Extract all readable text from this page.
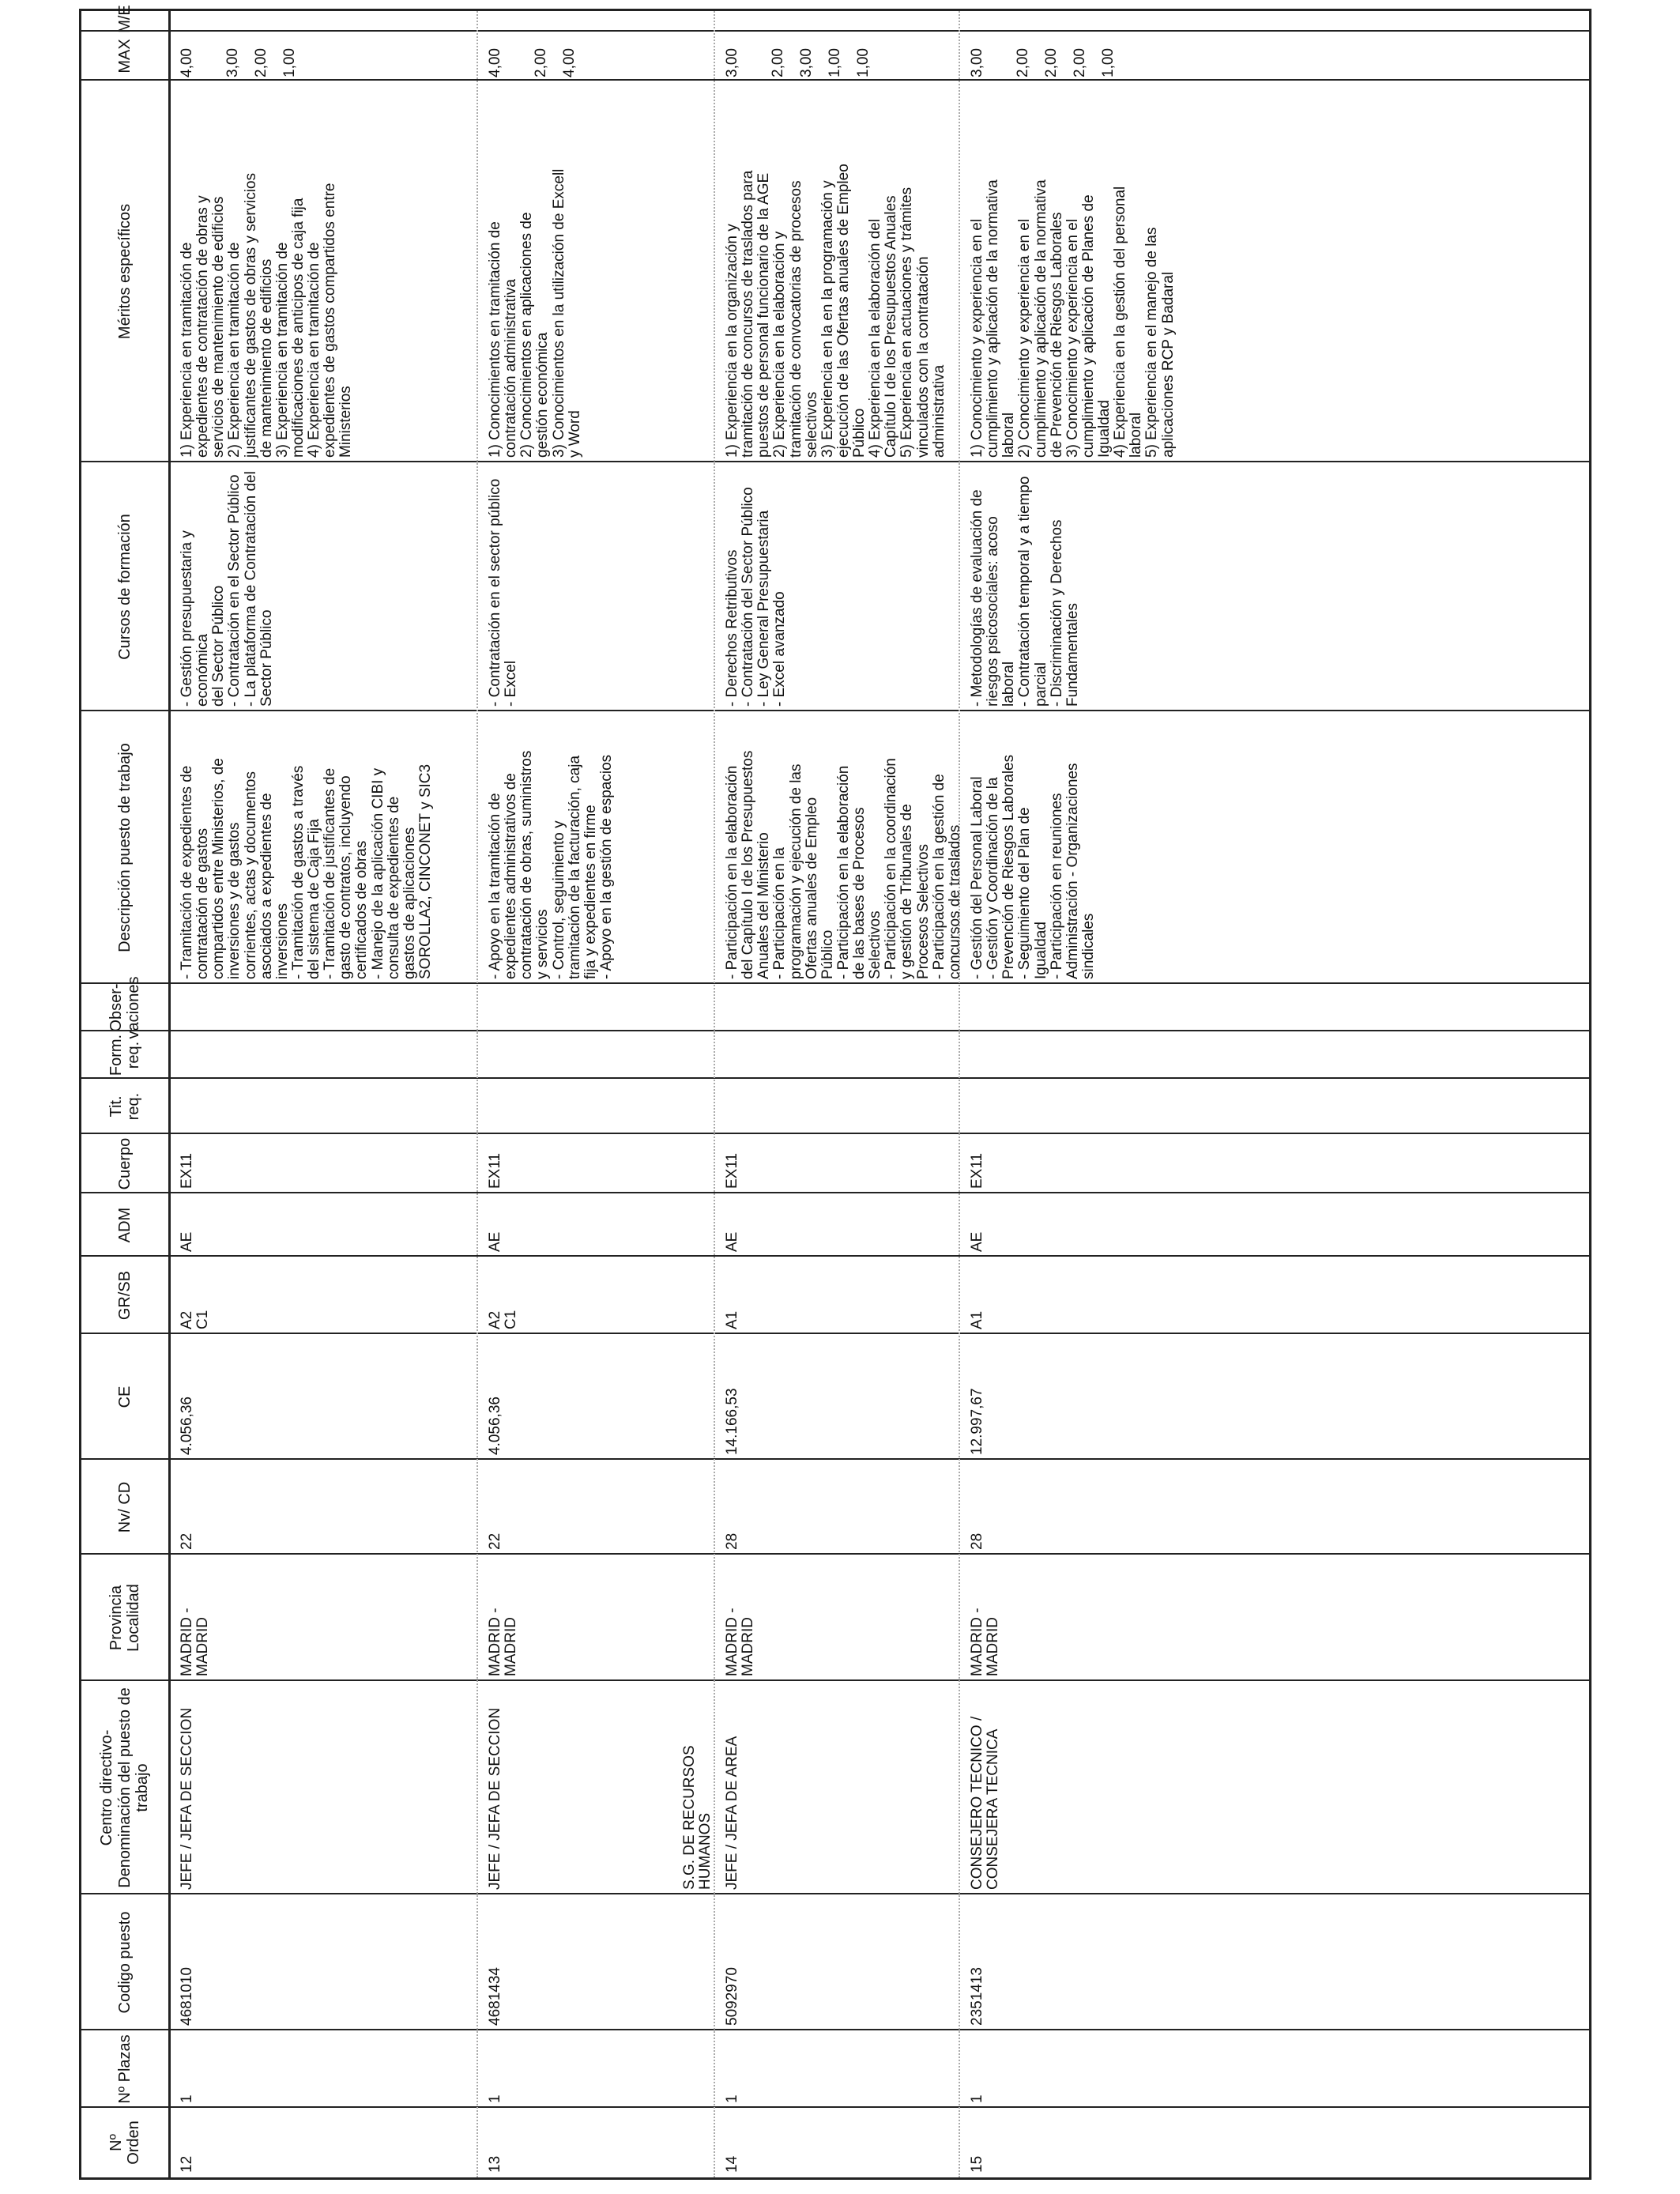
Nº Orden
Nº Plazas
Codigo puesto
Centro directivo-Denominación del puesto de trabajo
Provincia Localidad
Nv/ CD
CE
GR/SB
ADM
Cuerpo
Tit. req.
Form. req.
Obser-vaciones
Descripción puesto de trabajo
Cursos de formación
Méritos específicos
MAX
M/E
12
1
4681010
JEFE / JEFA DE SECCION
MADRID -
MADRID
22
4.056,36
A2
C1
AE
EX11
- Tramitación de expedientes de
contratación de gastos
compartidos entre Ministerios, de
inversiones y de gastos
corrientes, actas y documentos
asociados a expedientes de
inversiones
- Tramitación de gastos a través
del sistema de Caja Fija
- Tramitación de justificantes de
gasto de contratos, incluyendo
certificados de obras
- Manejo de la aplicación CIBI y
consulta de expedientes de
gastos de aplicaciones
SOROLLA2, CINCONET y SIC3
- Gestión presupuestaria y económica
del Sector Público
- Contratación en el Sector Público
- La plataforma de Contratación del
Sector Público
1) Experiencia en tramitación de
expedientes de contratación de obras y
servicios de mantenimiento de edificios
2) Experiencia en tramitación de
justificantes de gastos de obras y servicios
de mantenimiento de edificios
3) Experiencia en tramitación de
modificaciones de anticipos de caja fija
4) Experiencia en tramitación de
expedientes de gastos compartidos entre
Ministerios
4,00 3,00 2,00 1,00
13
1
4681434
JEFE / JEFA DE SECCION
MADRID -
MADRID
22
4.056,36
A2
C1
AE
EX11
- Apoyo en la tramitación de
expedientes administrativos de
contratación de obras, suministros
y servicios
- Control, seguimiento y
tramitación de la facturación, caja
fija y expedientes en firme
- Apoyo en la gestión de espacios
- Contratación en el sector público
- Excel
1) Conocimientos en tramitación de
contratación administrativa
2) Conocimientos en aplicaciones de
gestión económica
3) Conocimientos en la utilización de Excell
y Word
4,00 2,00 4,00
14
1
5092970
JEFE / JEFA DE AREA
MADRID -
MADRID
28
14.166,53
A1
AE
EX11
- Participación en la elaboración
del Capítulo I de los Presupuestos
Anuales del Ministerio
- Participación en la
programación y ejecución de las
Ofertas anuales de Empleo
Público
- Participación en la elaboración
de las bases de Procesos
Selectivos
- Participación en la coordinación
y gestión de Tribunales de
Procesos Selectivos
- Participación en la gestión de
concursos de traslados
- Derechos Retributivos
- Contratación del Sector Público
- Ley General Presupuestaria
- Excel avanzado
1) Experiencia en la organización y
tramitación de concursos de traslados para
puestos de personal funcionario de la AGE
2) Experiencia en la elaboración y
tramitación de convocatorias de procesos
selectivos
3) Experiencia en la en la programación y
ejecución de las Ofertas anuales de Empleo
Público
4) Experiencia en la elaboración del
Capítulo I de los Presupuestos Anuales
5) Experiencia en actuaciones y trámites
vinculados con la contratación
administrativa
S.G. DE RECURSOS
HUMANOS
3,00 2,00 3,00 1,00 1,00
15
1
2351413
CONSEJERO TECNICO /
CONSEJERA TECNICA
MADRID -
MADRID
28
12.997,67
A1
AE
EX11
- Gestión del Personal Laboral
- Gestión y Coordinación de la
Prevención de Riesgos Laborales
- Seguimiento del Plan de
Igualdad
- Participación en reuniones
Administración - Organizaciones
sindicales
- Metodologías de evaluación de
riesgos psicosociales: acoso laboral
- Contratación temporal y a tiempo
parcial
- Discriminación y Derechos
Fundamentales
1) Conocimiento y experiencia en el
cumplimiento y aplicación de la normativa
laboral
2) Conocimiento y experiencia en el
cumplimiento y aplicación de la normativa
de Prevención de Riesgos Laborales
3) Conocimiento y experiencia en el
cumplimiento y aplicación de Planes de
Igualdad
4) Experiencia en la gestión del personal
laboral
5) Experiencia en el manejo de las
aplicaciones RCP y Badaral
3,00 2,00 2,00 2,00 1,00
